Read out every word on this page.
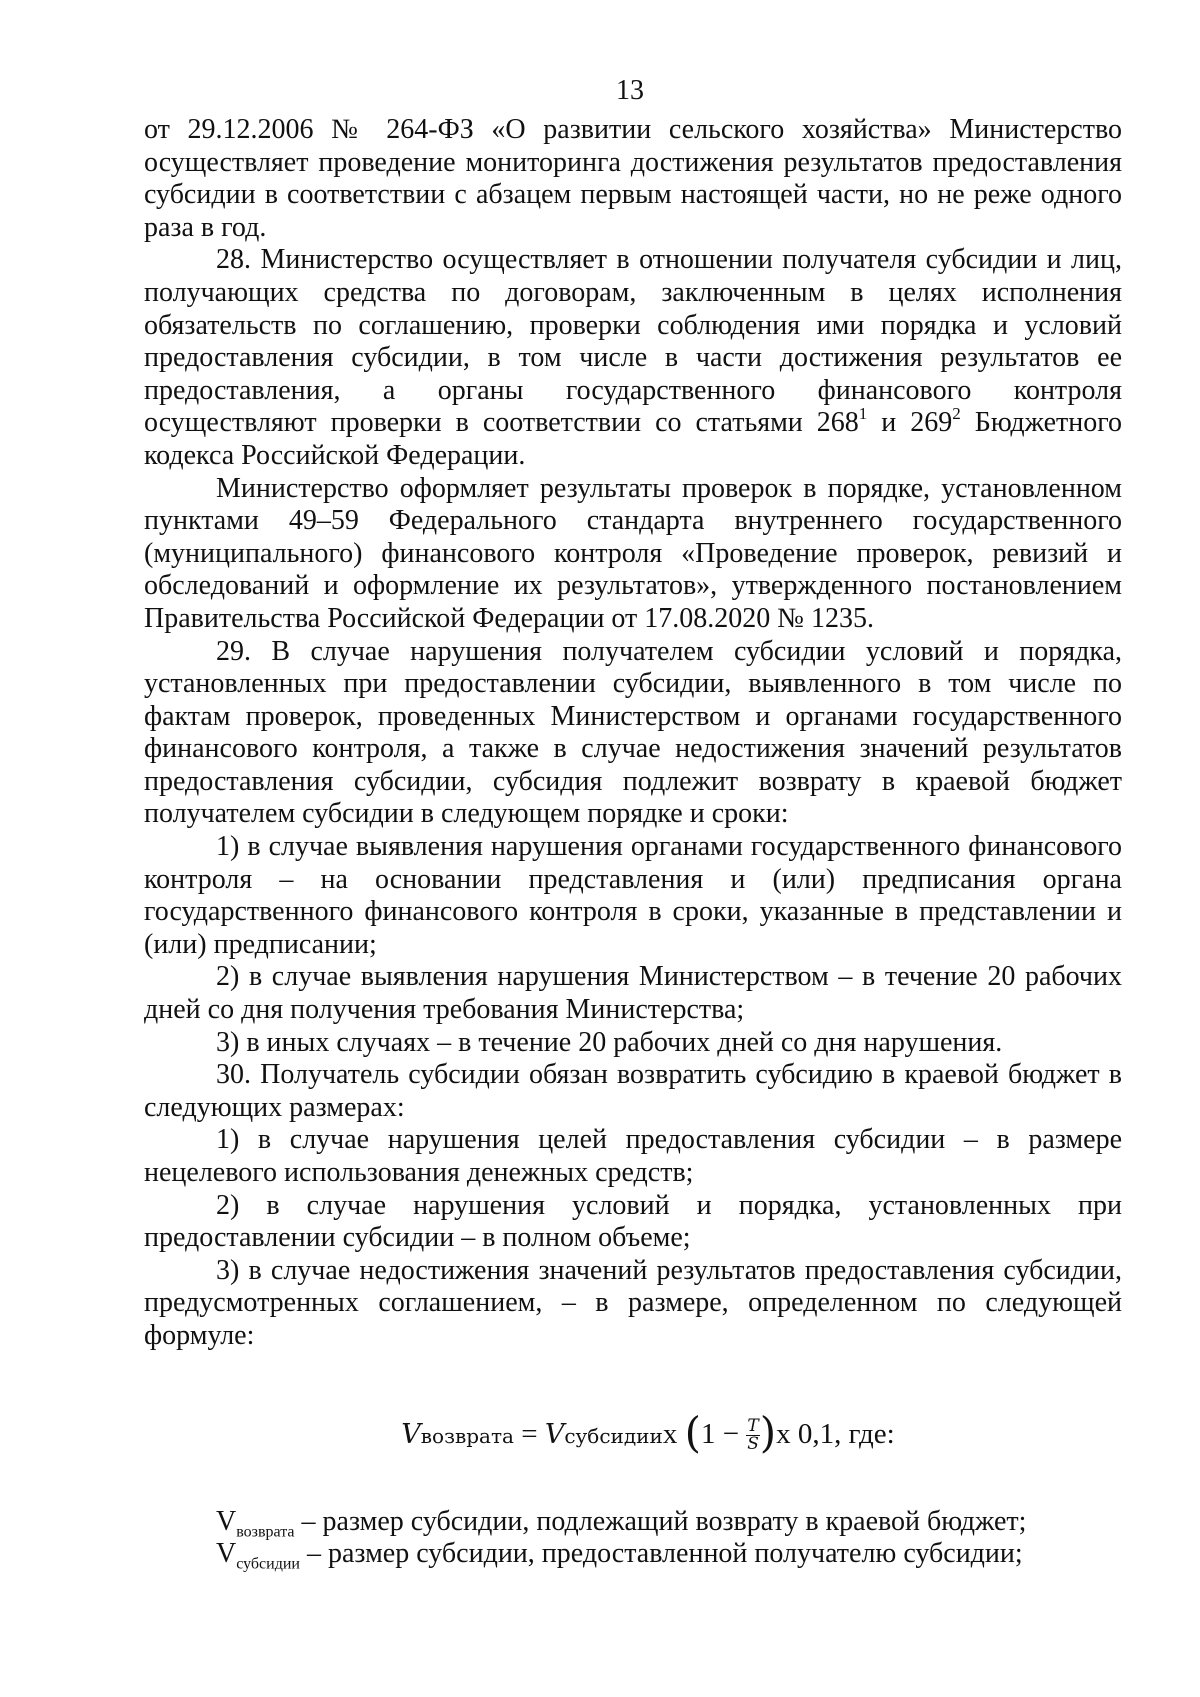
13

от 29.12.2006 № 264-ФЗ «О развитии сельского хозяйства» Министерство осуществляет проведение мониторинга достижения результатов предоставления субсидии в соответствии с абзацем первым настоящей части, но не реже одного раза в год.

28. Министерство осуществляет в отношении получателя субсидии и лиц, получающих средства по договорам, заключенным в целях исполнения обязательств по соглашению, проверки соблюдения ими порядка и условий предоставления субсидии, в том числе в части достижения результатов ее предоставления, а органы государственного финансового контроля осуществляют проверки в соответствии со статьями $268^1$ и $269^2$ Бюджетного кодекса Российской Федерации.

Министерство оформляет результаты проверок в порядке, установленном пунктами 49–59 Федерального стандарта внутреннего государственного (муниципального) финансового контроля «Проведение проверок, ревизий и обследований и оформление их результатов», утвержденного постановлением Правительства Российской Федерации от 17.08.2020 № 1235.

29. В случае нарушения получателем субсидии условий и порядка, установленных при предоставлении субсидии, выявленного в том числе по фактам проверок, проведенных Министерством и органами государственного финансового контроля, а также в случае недостижения значений результатов предоставления субсидии, субсидия подлежит возврату в краевой бюджет получателем субсидии в следующем порядке и сроки:

1) в случае выявления нарушения органами государственного финансового контроля – на основании представления и (или) предписания органа государственного финансового контроля в сроки, указанные в представлении и (или) предписании;

2) в случае выявления нарушения Министерством – в течение 20 рабочих дней со дня получения требования Министерства;

3) в иных случаях – в течение 20 рабочих дней со дня нарушения.

30. Получатель субсидии обязан возвратить субсидию в краевой бюджет в следующих размерах:

1) в случае нарушения целей предоставления субсидии – в размере нецелевого использования денежных средств;

2) в случае нарушения условий и порядка, установленных при предоставлении субсидии – в полном объеме;

3) в случае недостижения значений результатов предоставления субсидии, предусмотренных соглашением, – в размере, определенном по следующей формуле:

Vвозврата = Vсубсидииx $(1 - \frac{T}{S} )x$ 0,1, где:

$V_{возврата}$ – размер субсидии, подлежащий возврату в краевой бюджет;

$V_{субсидии}$ – размер субсидии, предоставленной получателю субсидии;
